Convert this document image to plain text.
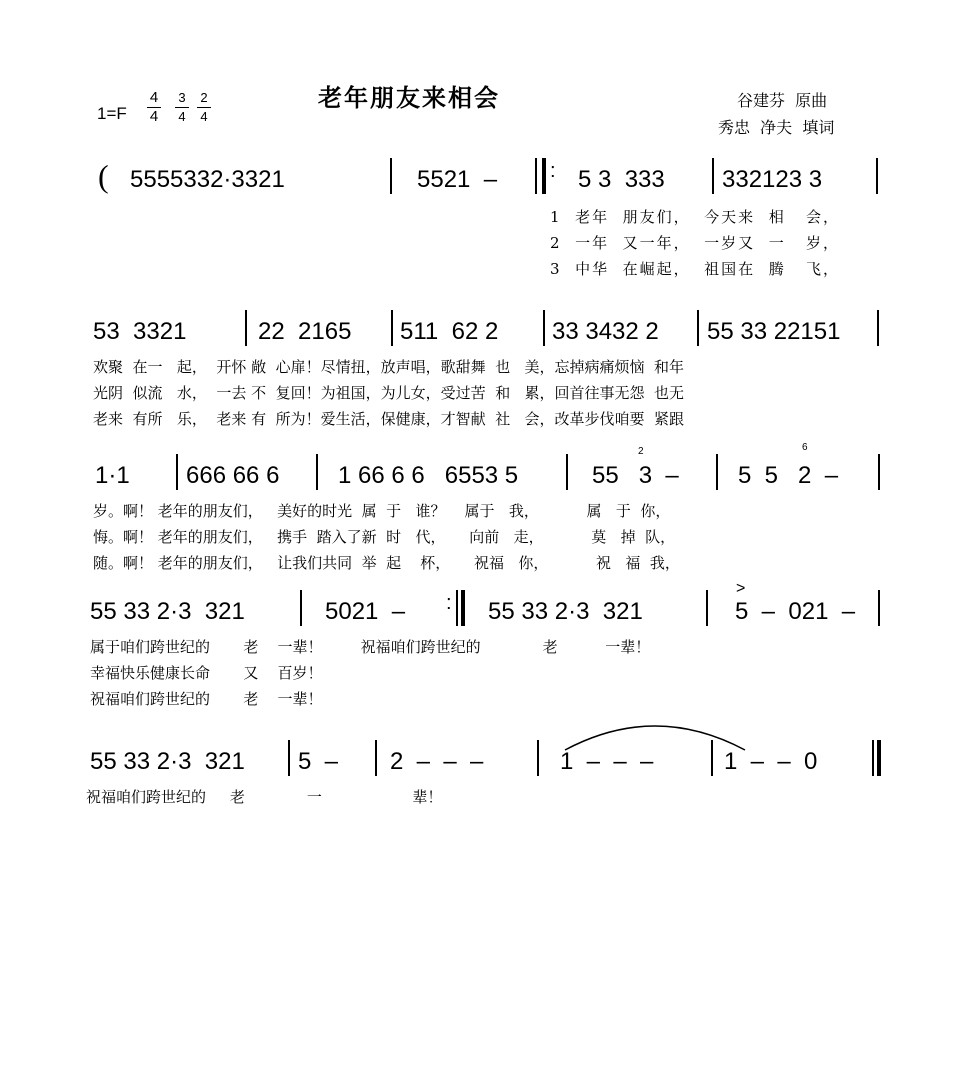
老年朋友来相会
1=F
4
4
3
4
2
4
谷建芬  原曲
秀忠  净夫  填词
( 5555332·3321	5521  –	: 5 3  333 332123 3
1  老年  朋友们，  今天来  相   会，
2  一年  又一年，  一岁又  一   岁，
3  中华  在崛起，  祖国在  腾   飞，
53  3321	22  2165 511  62 2 33 3432 2 55 33 22151
欢聚  在一   起，  开怀 敞  心扉！尽情扭，放声唱，歌甜舞  也   美，忘掉病痛烦恼  和年
光阴  似流   水，  一去 不  复回！为祖国，为儿女，受过苦  和   累，回首往事无怨  也无
老来  有所   乐，  老来 有  所为！爱生活，保健康，才智献  社   会，改革步伐咱要  紧跟
1·1 666 66 6 1 66 6 6   6553 5	55   3  –
2
5  5   2  –
6
岁。啊！ 老年的朋友们，   美好的时光  属  于   谁？    属于   我，          属   于  你，
悔。啊！ 老年的朋友们，   携手  踏入了新  时   代，     向前   走，          莫   掉  队，
随。啊！ 老年的朋友们，   让我们共同  举  起    杯，     祝福   你，          祝   福  我，
55 33 2·3  321	5021  – : 55 33 2·3  321
>
5  –  021  –
属于咱们跨世纪的       老    一辈！        祝福咱们跨世纪的             老          一辈！
幸福快乐健康长命       又    百岁！
祝福咱们跨世纪的       老    一辈！
55 33 2·3  321 5  – 2  –  –  –	1  –  –  –	1  –  –  0
祝福咱们跨世纪的     老             一                   辈！
